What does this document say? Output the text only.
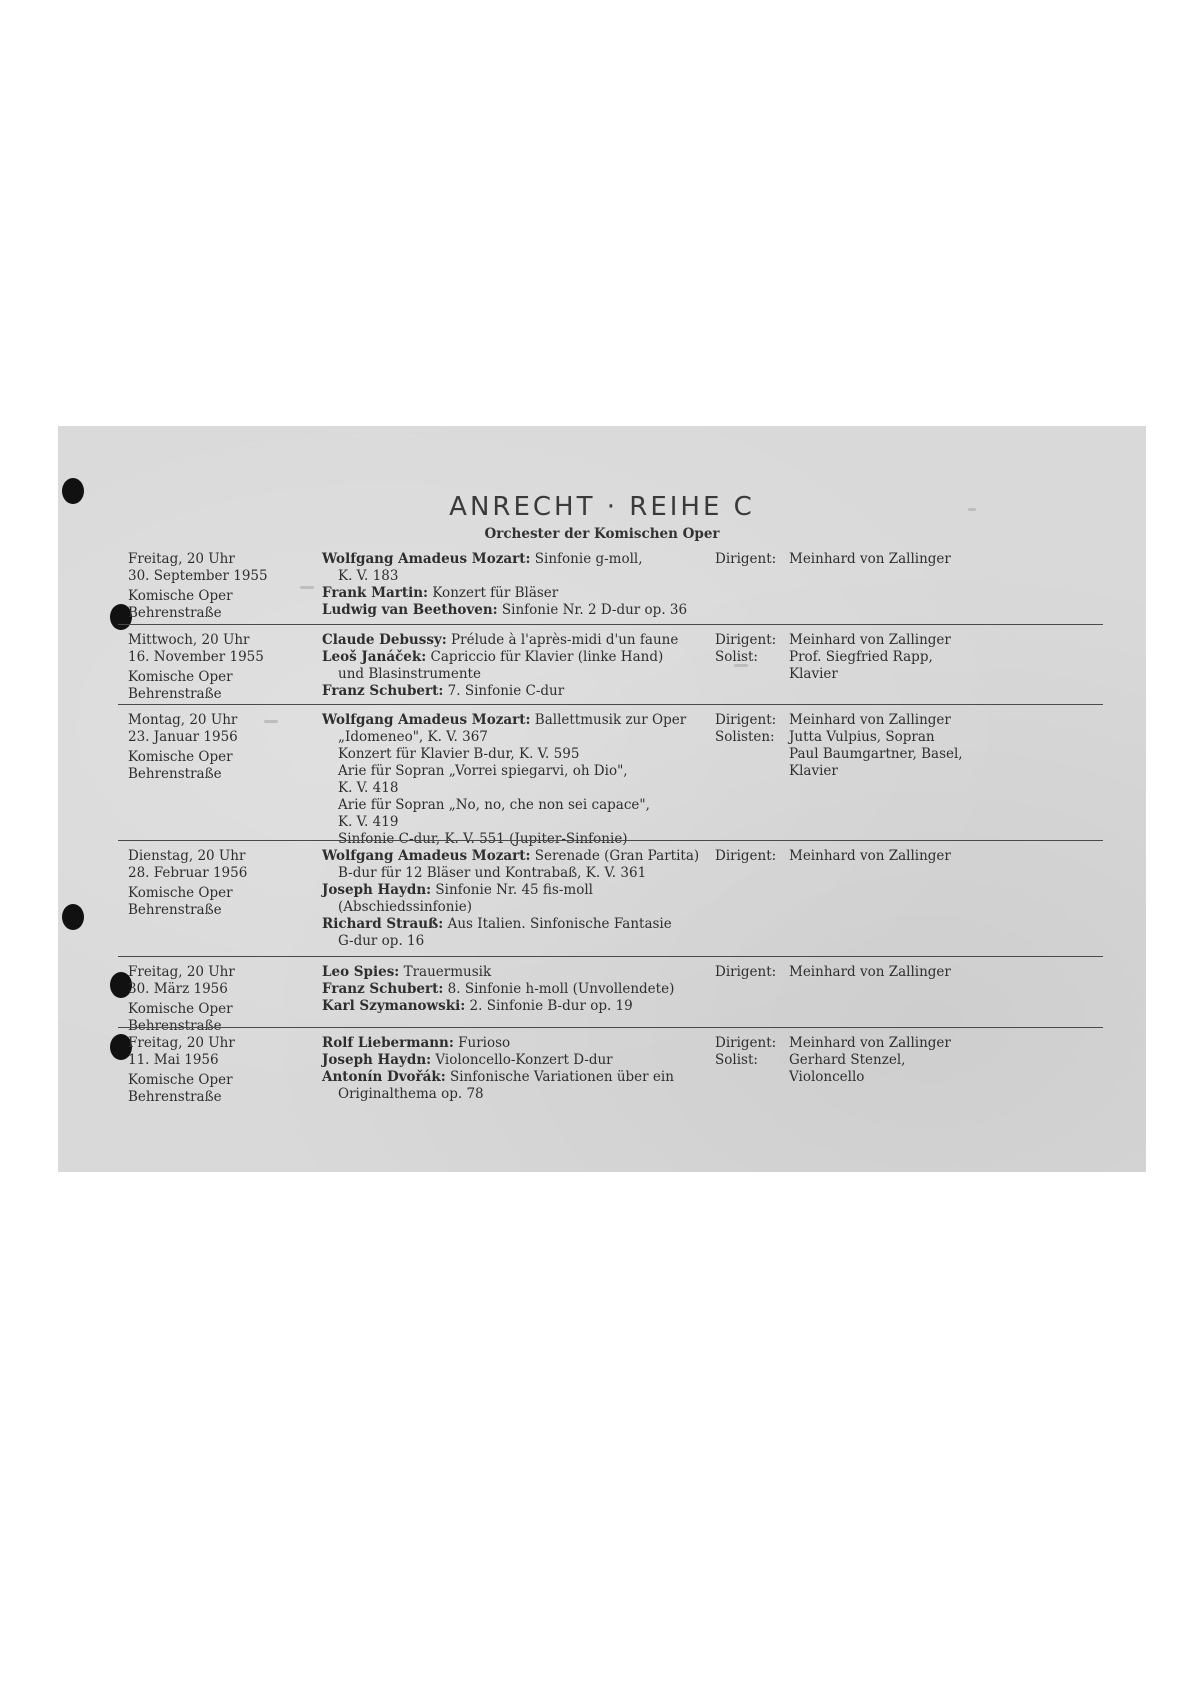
ANRECHT · REIHE C
Orchester der Komischen Oper
Freitag, 20 Uhr
30. September 1955
Komische Oper
Behrenstraße
Wolfgang Amadeus Mozart: Sinfonie g-moll,
K. V. 183
Frank Martin: Konzert für Bläser
Ludwig van Beethoven: Sinfonie Nr. 2 D-dur op. 36
Dirigent: Meinhard von Zallinger
Mittwoch, 20 Uhr
16. November 1955
Komische Oper
Behrenstraße
Claude Debussy: Prélude à l'après-midi d'un faune
Leoš Janáček: Capriccio für Klavier (linke Hand)
und Blasinstrumente
Franz Schubert: 7. Sinfonie C-dur
Dirigent: Meinhard von Zallinger
Solist:	Prof. Siegfried Rapp,
Klavier
Montag, 20 Uhr
23. Januar 1956
Komische Oper
Behrenstraße
Wolfgang Amadeus Mozart: Ballettmusik zur Oper
„Idomeneo", K. V. 367
Konzert für Klavier B-dur, K. V. 595
Arie für Sopran „Vorrei spiegarvi, oh Dio",
K. V. 418
Arie für Sopran „No, no, che non sei capace",
K. V. 419
Sinfonie C-dur, K. V. 551 (Jupiter-Sinfonie)
Dirigent: Meinhard von Zallinger
Solisten:	Jutta Vulpius, Sopran
Paul Baumgartner, Basel,
Klavier
Dienstag, 20 Uhr
28. Februar 1956
Komische Oper
Behrenstraße
Wolfgang Amadeus Mozart: Serenade (Gran Partita)
B-dur für 12 Bläser und Kontrabaß, K. V. 361
Joseph Haydn: Sinfonie Nr. 45 fis-moll
(Abschiedssinfonie)
Richard Strauß: Aus Italien. Sinfonische Fantasie
G-dur op. 16
Dirigent: Meinhard von Zallinger
Freitag, 20 Uhr
30. März 1956
Komische Oper
Behrenstraße
Leo Spies: Trauermusik
Franz Schubert: 8. Sinfonie h-moll (Unvollendete)
Karl Szymanowski: 2. Sinfonie B-dur op. 19
Dirigent: Meinhard von Zallinger
Freitag, 20 Uhr
11. Mai 1956
Komische Oper
Behrenstraße
Rolf Liebermann: Furioso
Joseph Haydn: Violoncello-Konzert D-dur
Antonín Dvořák: Sinfonische Variationen über ein
Originalthema op. 78
Dirigent: Meinhard von Zallinger
Solist:	Gerhard Stenzel,
Violoncello
